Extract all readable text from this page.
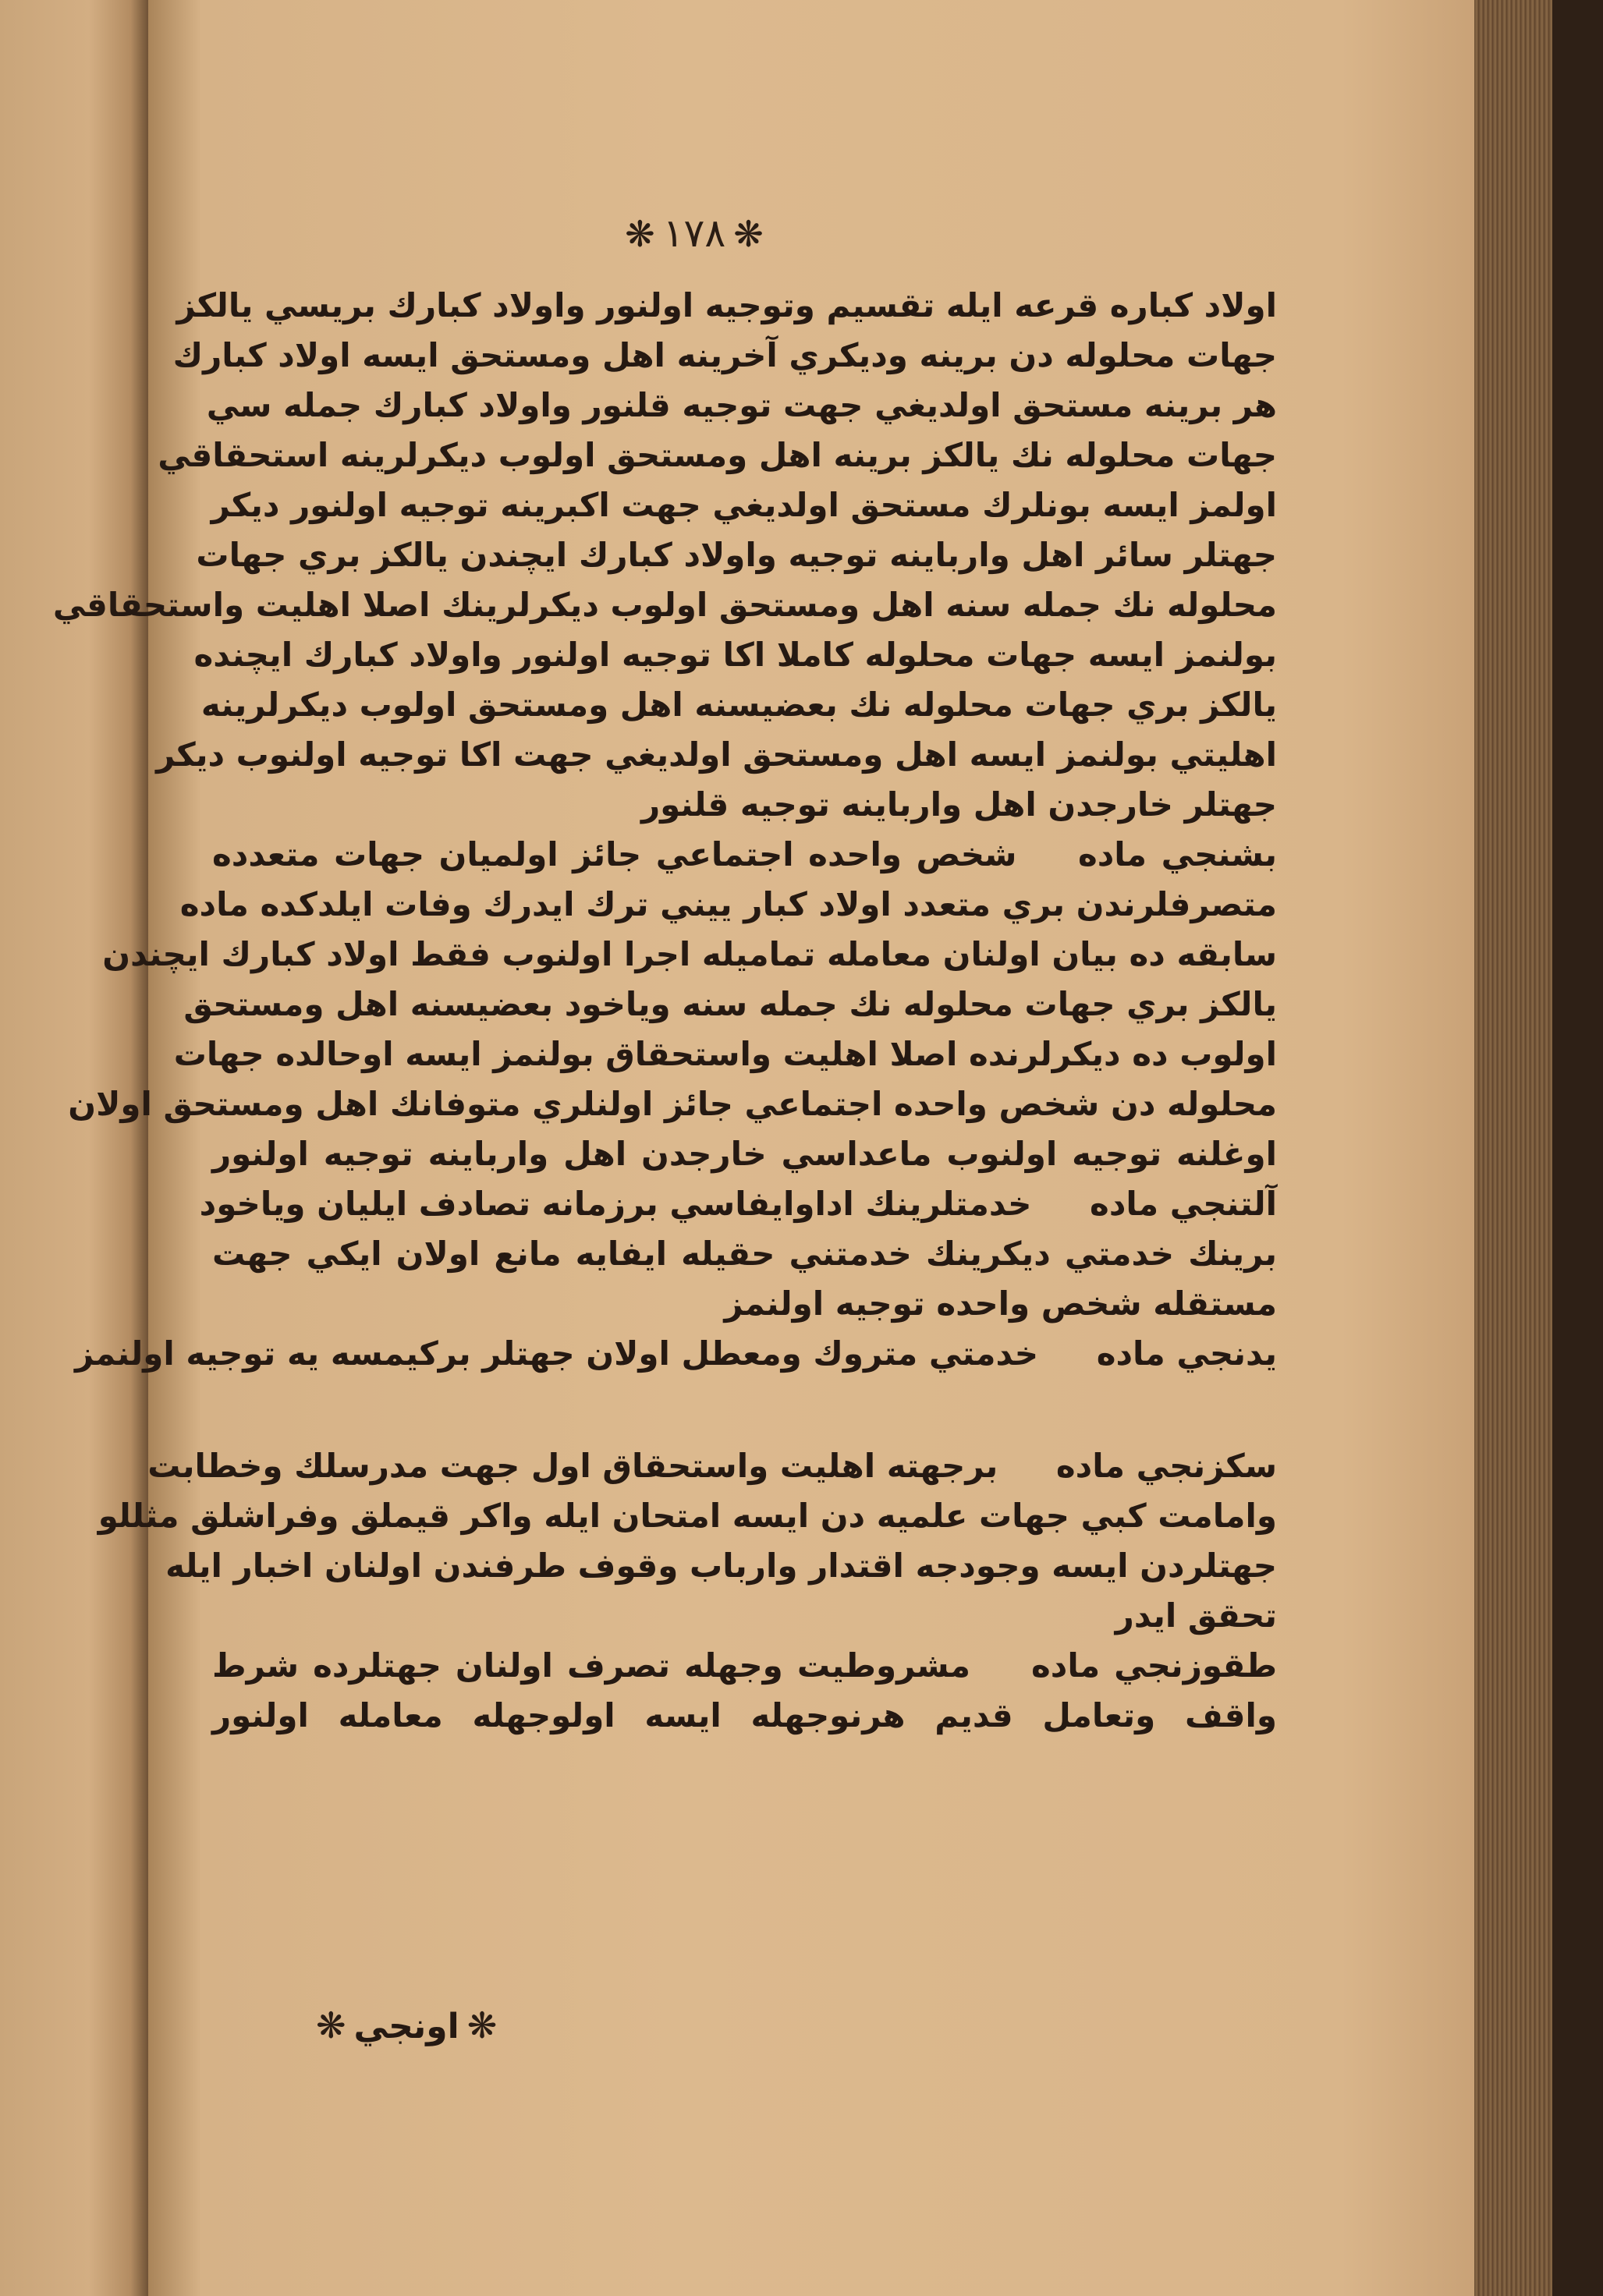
❋١٧٨❋
اولاد كباره قرعه ايله تقسيم وتوجيه اولنور واولاد كبارك بريسي يالكز
جهات محلوله دن برينه وديكري آخرينه اهل ومستحق ايسه اولاد كبارك
هر برينه مستحق اولديغي جهت توجيه قلنور واولاد كبارك جمله سي
جهات محلوله نك يالكز برينه اهل ومستحق اولوب ديكرلرينه استحقاقي
اولمز ايسه بونلرك مستحق اولديغي جهت اكبرينه توجيه اولنور ديكر
جهتلر سائر اهل وارباينه توجيه واولاد كبارك ايچندن يالكز بري جهات
محلوله نك جمله سنه اهل ومستحق اولوب ديكرلرينك اصلا اهليت واستحقاقي
بولنمز ايسه جهات محلوله كاملا اكا توجيه اولنور واولاد كبارك ايچنده
يالكز بري جهات محلوله نك بعضيسنه اهل ومستحق اولوب ديكرلرينه
اهليتي بولنمز ايسه اهل ومستحق اولديغي جهت اكا توجيه اولنوب ديكر
جهتلر خارجدن اهل وارباينه توجيه قلنور
بشنجي ماده شخص واحده اجتماعي جائز اولميان جهات متعدده
متصرفلرندن بري متعدد اولاد كبار ييني ترك ايدرك وفات ايلدكده ماده
سابقه ده بيان اولنان معامله تماميله اجرا اولنوب فقط اولاد كبارك ايچندن
يالكز بري جهات محلوله نك جمله سنه وياخود بعضيسنه اهل ومستحق
اولوب ده ديكرلرنده اصلا اهليت واستحقاق بولنمز ايسه اوحالده جهات
محلوله دن شخص واحده اجتماعي جائز اولنلري متوفانك اهل ومستحق اولان
اوغلنه توجيه اولنوب ماعداسي خارجدن اهل وارباينه توجيه اولنور
آلتنجي ماده خدمتلرينك اداوايفاسي برزمانه تصادف ايليان وياخود
برينك خدمتي ديكرينك خدمتني حقيله ايفايه مانع اولان ايكي جهت
مستقله شخص واحده توجيه اولنمز
يدنجي ماده خدمتي متروك ومعطل اولان جهتلر بركيمسه يه توجيه اولنمز
سكزنجي ماده برجهته اهليت واستحقاق اول جهت مدرسلك وخطابت
وامامت كبي جهات علميه دن ايسه امتحان ايله واكر قيملق وفراشلق مثللو
جهتلردن ايسه وجودجه اقتدار وارباب وقوف طرفندن اولنان اخبار ايله
تحقق ايدر
طقوزنجي ماده مشروطيت وجهله تصرف اولنان جهتلرده شرط
واقف وتعامل قديم هرنوجهله ايسه اولوجهله معامله اولنور
❋اونجي❋
